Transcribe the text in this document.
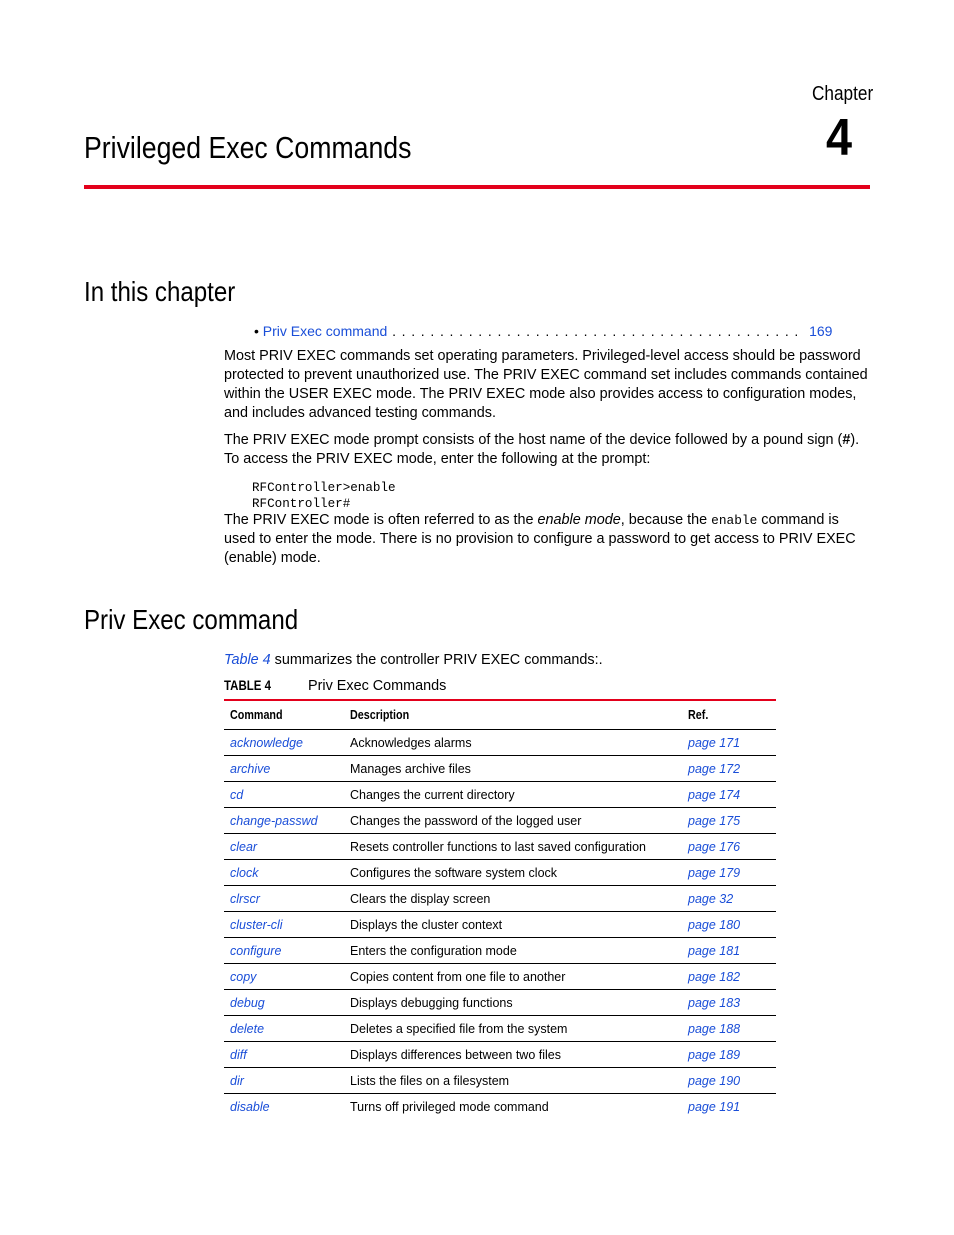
Chapter
4
Privileged Exec Commands
In this chapter
• Priv Exec command . . . . . . . . . . . . . . . . . . . . . . . . . . . . . . . . . . . . . . . . . . . 169

Most PRIV EXEC commands set operating parameters. Privileged-level access should be password protected to prevent unauthorized use. The PRIV EXEC command set includes commands contained within the USER EXEC mode. The PRIV EXEC mode also provides access to configuration modes, and includes advanced testing commands.

The PRIV EXEC mode prompt consists of the host name of the device followed by a pound sign (#). To access the PRIV EXEC mode, enter the following at the prompt:

RFController>enable
RFController#

The PRIV EXEC mode is often referred to as the enable mode, because the enable command is used to enter the mode. There is no provision to configure a password to get access to PRIV EXEC (enable) mode.

Priv Exec command

Table 4 summarizes the controller PRIV EXEC commands:.

TABLE 4	Priv Exec Commands
Command	Description	Ref.
acknowledge	Acknowledges alarms	page 171
archive	Manages archive files	page 172
cd	Changes the current directory	page 174
change-passwd	Changes the password of the logged user	page 175
clear	Resets controller functions to last saved configuration	page 176
clock	Configures the software system clock	page 179
clrscr	Clears the display screen	page 32
cluster-cli	Displays the cluster context	page 180
configure	Enters the configuration mode	page 181
copy	Copies content from one file to another	page 182
debug	Displays debugging functions	page 183
delete	Deletes a specified file from the system	page 188
diff	Displays differences between two files	page 189
dir	Lists the files on a filesystem	page 190
disable	Turns off privileged mode command	page 191
